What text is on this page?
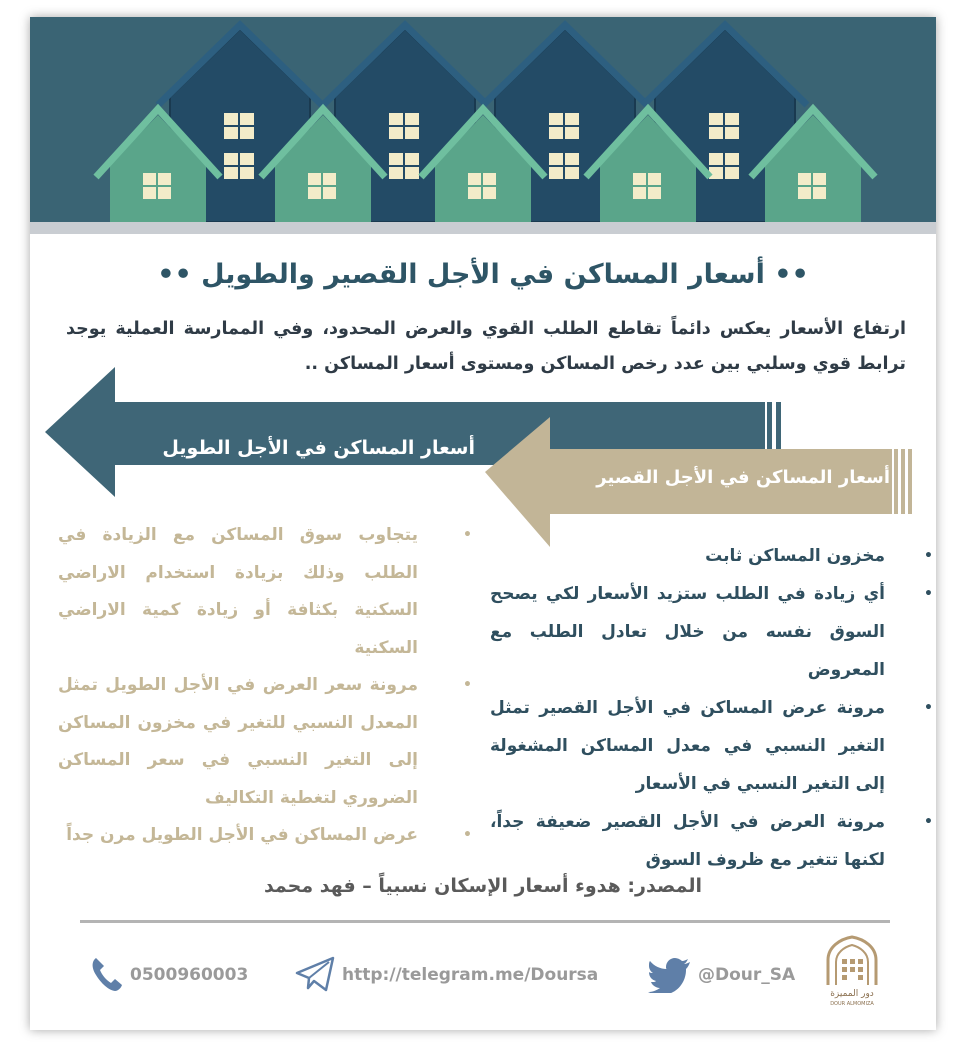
•• أسعار المساكن في الأجل القصير والطويل ••
ارتفاع الأسعار يعكس دائماً تقاطع الطلب القوي والعرض المحدود، وفي الممارسة العملية يوجد ترابط قوي وسلبي بين عدد رخص المساكن ومستوى أسعار المساكن ..
أسعار المساكن في الأجل الطويل
أسعار المساكن في الأجل القصير
•
مخزون المساكن ثابت
•
أي زيادة في الطلب ستزيد الأسعار لكي يصحح السوق نفسه من خلال تعادل الطلب مع المعروض
•
مرونة عرض المساكن في الأجل القصير تمثل التغير النسبي في معدل المساكن المشغولة إلى التغير النسبي في الأسعار
•
مرونة العرض في الأجل القصير ضعيفة جداً، لكنها تتغير مع ظروف السوق
•
يتجاوب سوق المساكن مع الزيادة في الطلب وذلك بزيادة استخدام الاراضي السكنية بكثافة أو زيادة كمية الاراضي السكنية
•
مرونة سعر العرض في الأجل الطويل تمثل المعدل النسبي للتغير في مخزون المساكن إلى التغير النسبي في سعر المساكن الضروري لتغطية التكاليف
•
عرض المساكن في الأجل الطويل مرن جداً
المصدر: هدوء أسعار الإسكان نسبياً – فهد محمد
0500960003	http://telegram.me/Doursa	@Dour_SA
دور المميزة
DOUR ALMOMIZA
